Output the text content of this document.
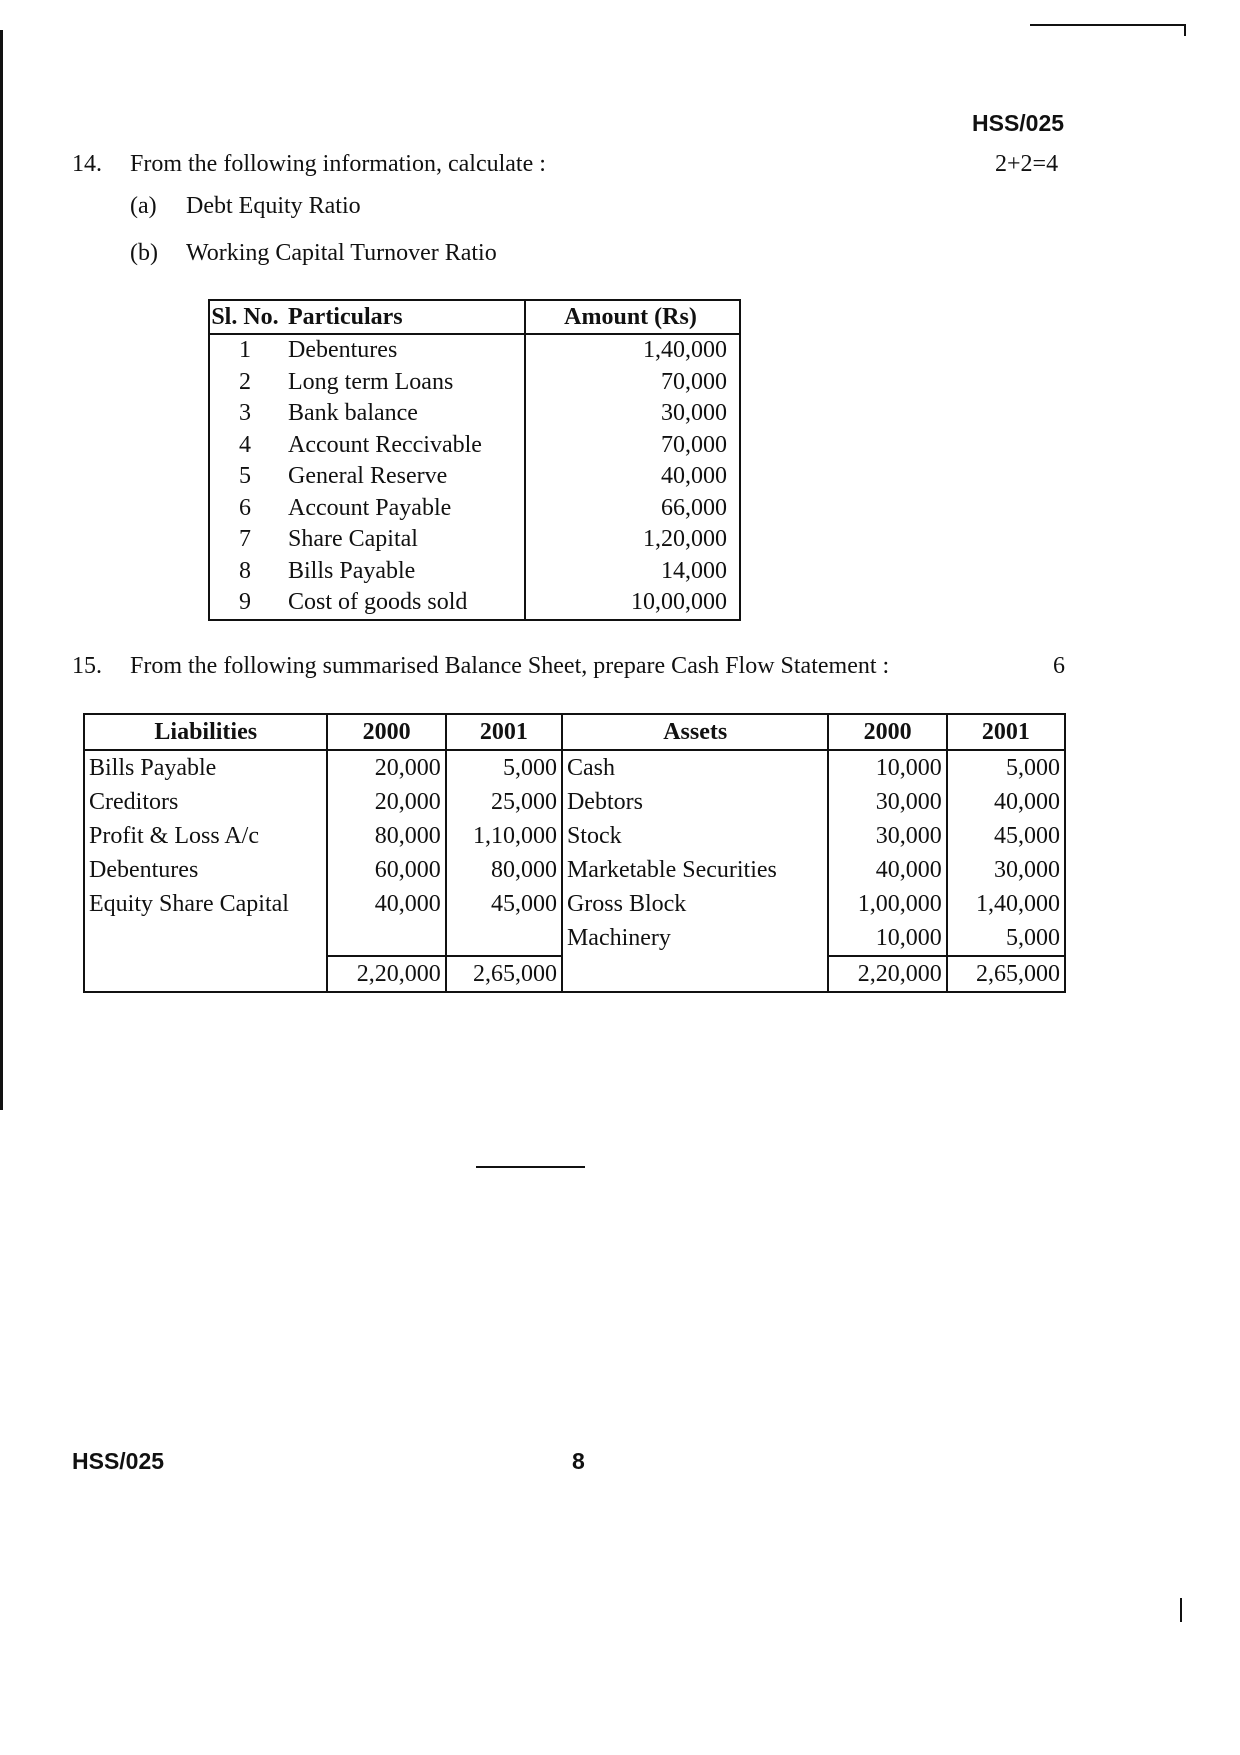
HSS/025
14. From the following information, calculate :	2+2=4
(a) Debt Equity Ratio
(b) Working Capital Turnover Ratio
Sl. No.	Particulars	Amount (Rs)
1	Debentures	1,40,000
2	Long term Loans	70,000
3	Bank balance	30,000
4	Account Reccivable	70,000
5	General Reserve	40,000
6	Account Payable	66,000
7	Share Capital	1,20,000
8	Bills Payable	14,000
9	Cost of goods sold	10,00,000
15. From the following summarised Balance Sheet, prepare Cash Flow Statement :	6
Liabilities	2000	2001	Assets	2000	2001
Bills Payable	20,000	5,000	Cash	10,000	5,000
Creditors	20,000	25,000	Debtors	30,000	40,000
Profit & Loss A/c	80,000	1,10,000	Stock	30,000	45,000
Debentures	60,000	80,000	Marketable Securities	40,000	30,000
Equity Share Capital	40,000	45,000	Gross Block	1,00,000	1,40,000
			Machinery	10,000	5,000
	2,20,000	2,65,000		2,20,000	2,65,000
HSS/025	8
